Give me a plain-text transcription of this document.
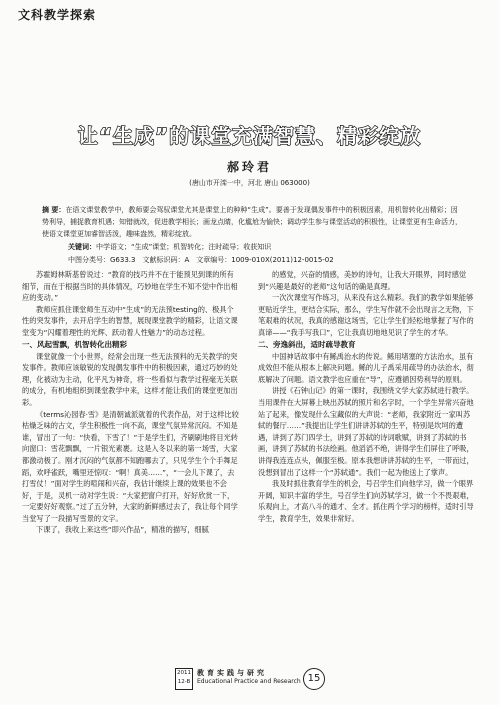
文科教学探索
让“生成”的课堂充满智慧、精彩绽放
郝玲君
(唐山市开滦一中，河北 唐山 063000)
摘 要：在语文课堂教学中，教师要会驾驭课堂尤其是课堂上的种种“生成”。要善于发现偶发事件中的积极因素，用机智转化出精彩；因势利导，捕捉教育机遇；知错就改，促进教学相长；画龙点睛，化尴尬为愉快；调动学生参与课堂活动的积极性，让课堂更有生命活力，使语文课堂更加睿智活泼，趣味盎然，精彩绽放。
关键词：中学语文；“生成”课堂；机智转化；注时疏导；收获知识
中图分类号：G633.3　文献标识码：A　文章编号：1009-010X(2011)12-0015-02

苏霍姆林斯基曾说过：“教育的技巧并不在于能预见到课的所有细节，而在于根据当时的具体情况，巧妙地在学生不知不觉中作出相应的变动。”

教师应抓住课堂师生互动中“生成”的无法预testing的、极具个性的突发事件，去开启学生的智慧，展现课堂教学的精彩，让语文课堂变为“闪耀着理性的光辉、跃动着人性魅力”的动态过程。

一、风起雪飘，机智转化出精彩

课堂就像一个小世界，经常会出现一些无法预料的无关教学的突发事件。教师应该敏锐的发现偶发事件中的积极因素，通过巧妙的处理，化被动为主动，化平凡为神奇，将一些看似与教学过程毫无关联的成分，有机地组织到课堂教学中来，这样才能让我们的课堂更加出彩。

《terms沁园春·雪》是清朝诚派就着的代表作品，对于这样比较枯燥乏味的古文，学生积极性一向不高，课堂气氛异常沉闷。不知是谁，冒出了一句：“快看，下雪了！”于是学生们，齐刷刷地将目光转向窗口：雪花飘飘，一片银光素裹。这是入冬以来的第一场雪，大家都激动极了。刚才沉闷的气氛都不知跑哪去了，只见学生个个手舞足蹈，欢呼雀跃，嘴里还惊叹：“啊！真美……”，“一会儿下课了，去打雪仗！”面对学生的喧闹和兴奋，我估计继续上课的效果也不会好，于是，灵机一动对学生说：“大家把窗户打开，好好欣赏一下，一定要好好观察。”过了五分钟，大家的新鲜感过去了，我让每个同学当堂写了一段描写雪景的文字。

下课了，我收上来这些“即兴作品”，精准的描写，细腻

的感觉，兴奋的情感，美妙的诗句，让我大开眼界，同时感觉到“兴趣是最好的老师”这句话的确是真理。

一次次课堂写作练习，从来没有这么精彩。我们的教学如果能够更贴近学生，更结合实际，那么，学生写作就不会出现言之无物，下笔艰难的状况，我真的感谢这场雪，它让学生们轻松地掌握了写作的真谛——“我手写我口”，它让我真切地地见识了学生的才华。

二、旁逸斜出，适时疏导教育

中国神话故事中有鲧禹治水的传说。鲧用堵塞的方法治水，虽有成效但不能从根本上解决问题。鲧的儿子禹采用疏导的办法治水，彻底解决了问题。语文教学也应重在“导”，应遵循因势利导的原则。

讲授《石钟山记》的第一课时，我围绕文学大家苏轼进行教学。当用课件在大屏幕上映出苏轼的照片和名字时，一个学生异常兴奋地站了起来，像发现什么宝藏似的大声说：“老师，我家附近一家叫苏轼的餐厅……”我提出让学生们讲讲苏轼的生平，特别是坎坷的遭遇，讲到了苏门四学士，讲到了苏轼的诗词歌赋，讲到了苏轼的书画，讲到了苏轼的书法绘画。他滔滔不绝，讲得学生们屏住了呼吸，讲得我连连点头，佩服至极。原本我想讲讲苏轼的生平，一带而过，没想到冒出了这样一个“苏轼通”。我们一起为他送上了掌声。

我及时抓住教育学生的机会，号召学生们向他学习，做一个眼界开阔，知识丰富的学生，号召学生们向苏轼学习，做一个不畏艰难，乐观向上，才高八斗的通才、全才。抓住两个学习的榜样，适时引导学生，教育学生，效果非常好。

2011
12-B
教育实践与研究
Educational Practice and Research 15
